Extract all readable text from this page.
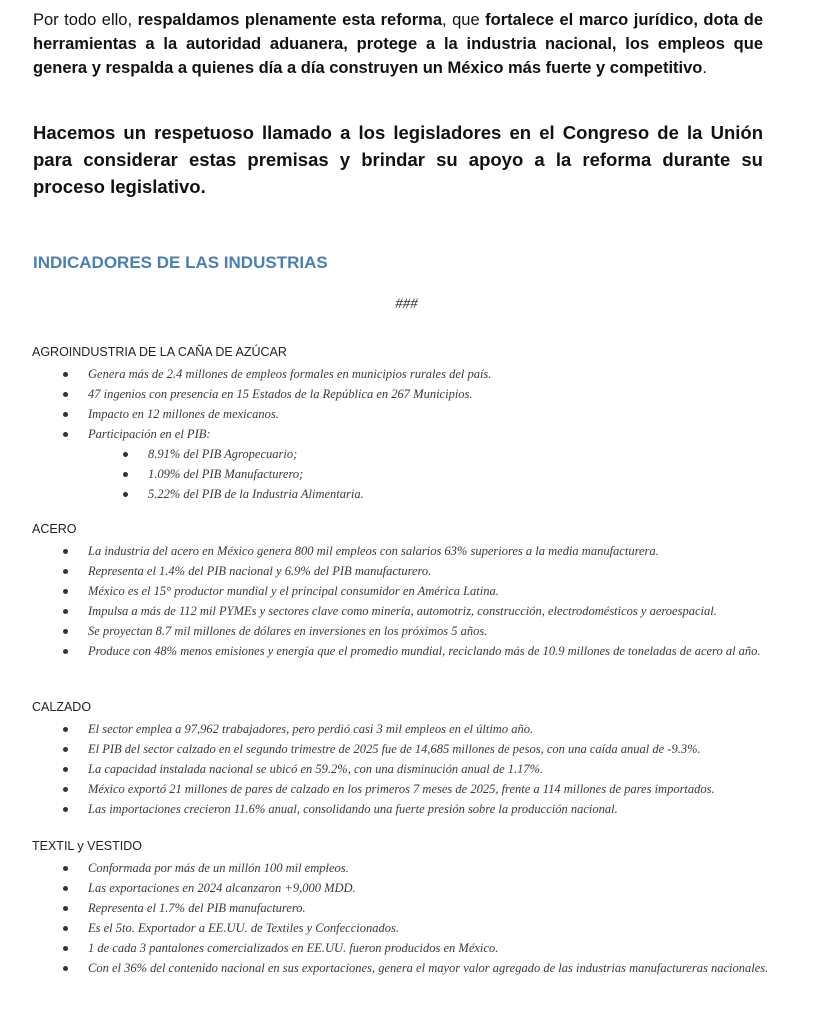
Por todo ello, respaldamos plenamente esta reforma, que fortalece el marco jurídico, dota de herramientas a la autoridad aduanera, protege a la industria nacional, los empleos que genera y respalda a quienes día a día construyen un México más fuerte y competitivo.

Hacemos un respetuoso llamado a los legisladores en el Congreso de la Unión para considerar estas premisas y brindar su apoyo a la reforma durante su proceso legislativo.

INDICADORES DE LAS INDUSTRIAS

###

AGROINDUSTRIA DE LA CAÑA DE AZÚCAR
Genera más de 2.4 millones de empleos formales en municipios rurales del país.
47 ingenios con presencia en 15 Estados de la República en 267 Municipios.
Impacto en 12 millones de mexicanos.
Participación en el PIB:
8.91% del PIB Agropecuario;
1.09% del PIB Manufacturero;
5.22% del PIB de la Industria Alimentaria.
ACERO
La industria del acero en México genera 800 mil empleos con salarios 63% superiores a la media manufacturera.
Representa el 1.4% del PIB nacional y 6.9% del PIB manufacturero.
México es el 15° productor mundial y el principal consumidor en América Latina.
Impulsa a más de 112 mil PYMEs y sectores clave como minería, automotriz, construcción, electrodomésticos y aeroespacial.
Se proyectan 8.7 mil millones de dólares en inversiones en los próximos 5 años.
Produce con 48% menos emisiones y energía que el promedio mundial, reciclando más de 10.9 millones de toneladas de acero al año.
CALZADO
El sector emplea a 97,962 trabajadores, pero perdió casi 3 mil empleos en el último año.
El PIB del sector calzado en el segundo trimestre de 2025 fue de 14,685 millones de pesos, con una caída anual de -9.3%.
La capacidad instalada nacional se ubicó en 59.2%, con una disminución anual de 1.17%.
México exportó 21 millones de pares de calzado en los primeros 7 meses de 2025, frente a 114 millones de pares importados.
Las importaciones crecieron 11.6% anual, consolidando una fuerte presión sobre la producción nacional.
TEXTIL y VESTIDO
Conformada por más de un millón 100 mil empleos.
Las exportaciones en 2024 alcanzaron +9,000 MDD.
Representa el 1.7% del PIB manufacturero.
Es el 5to. Exportador a EE.UU. de Textiles y Confeccionados.
1 de cada 3 pantalones comercializados en EE.UU. fueron producidos en México.
Con el 36% del contenido nacional en sus exportaciones, genera el mayor valor agregado de las industrias manufactureras nacionales.
